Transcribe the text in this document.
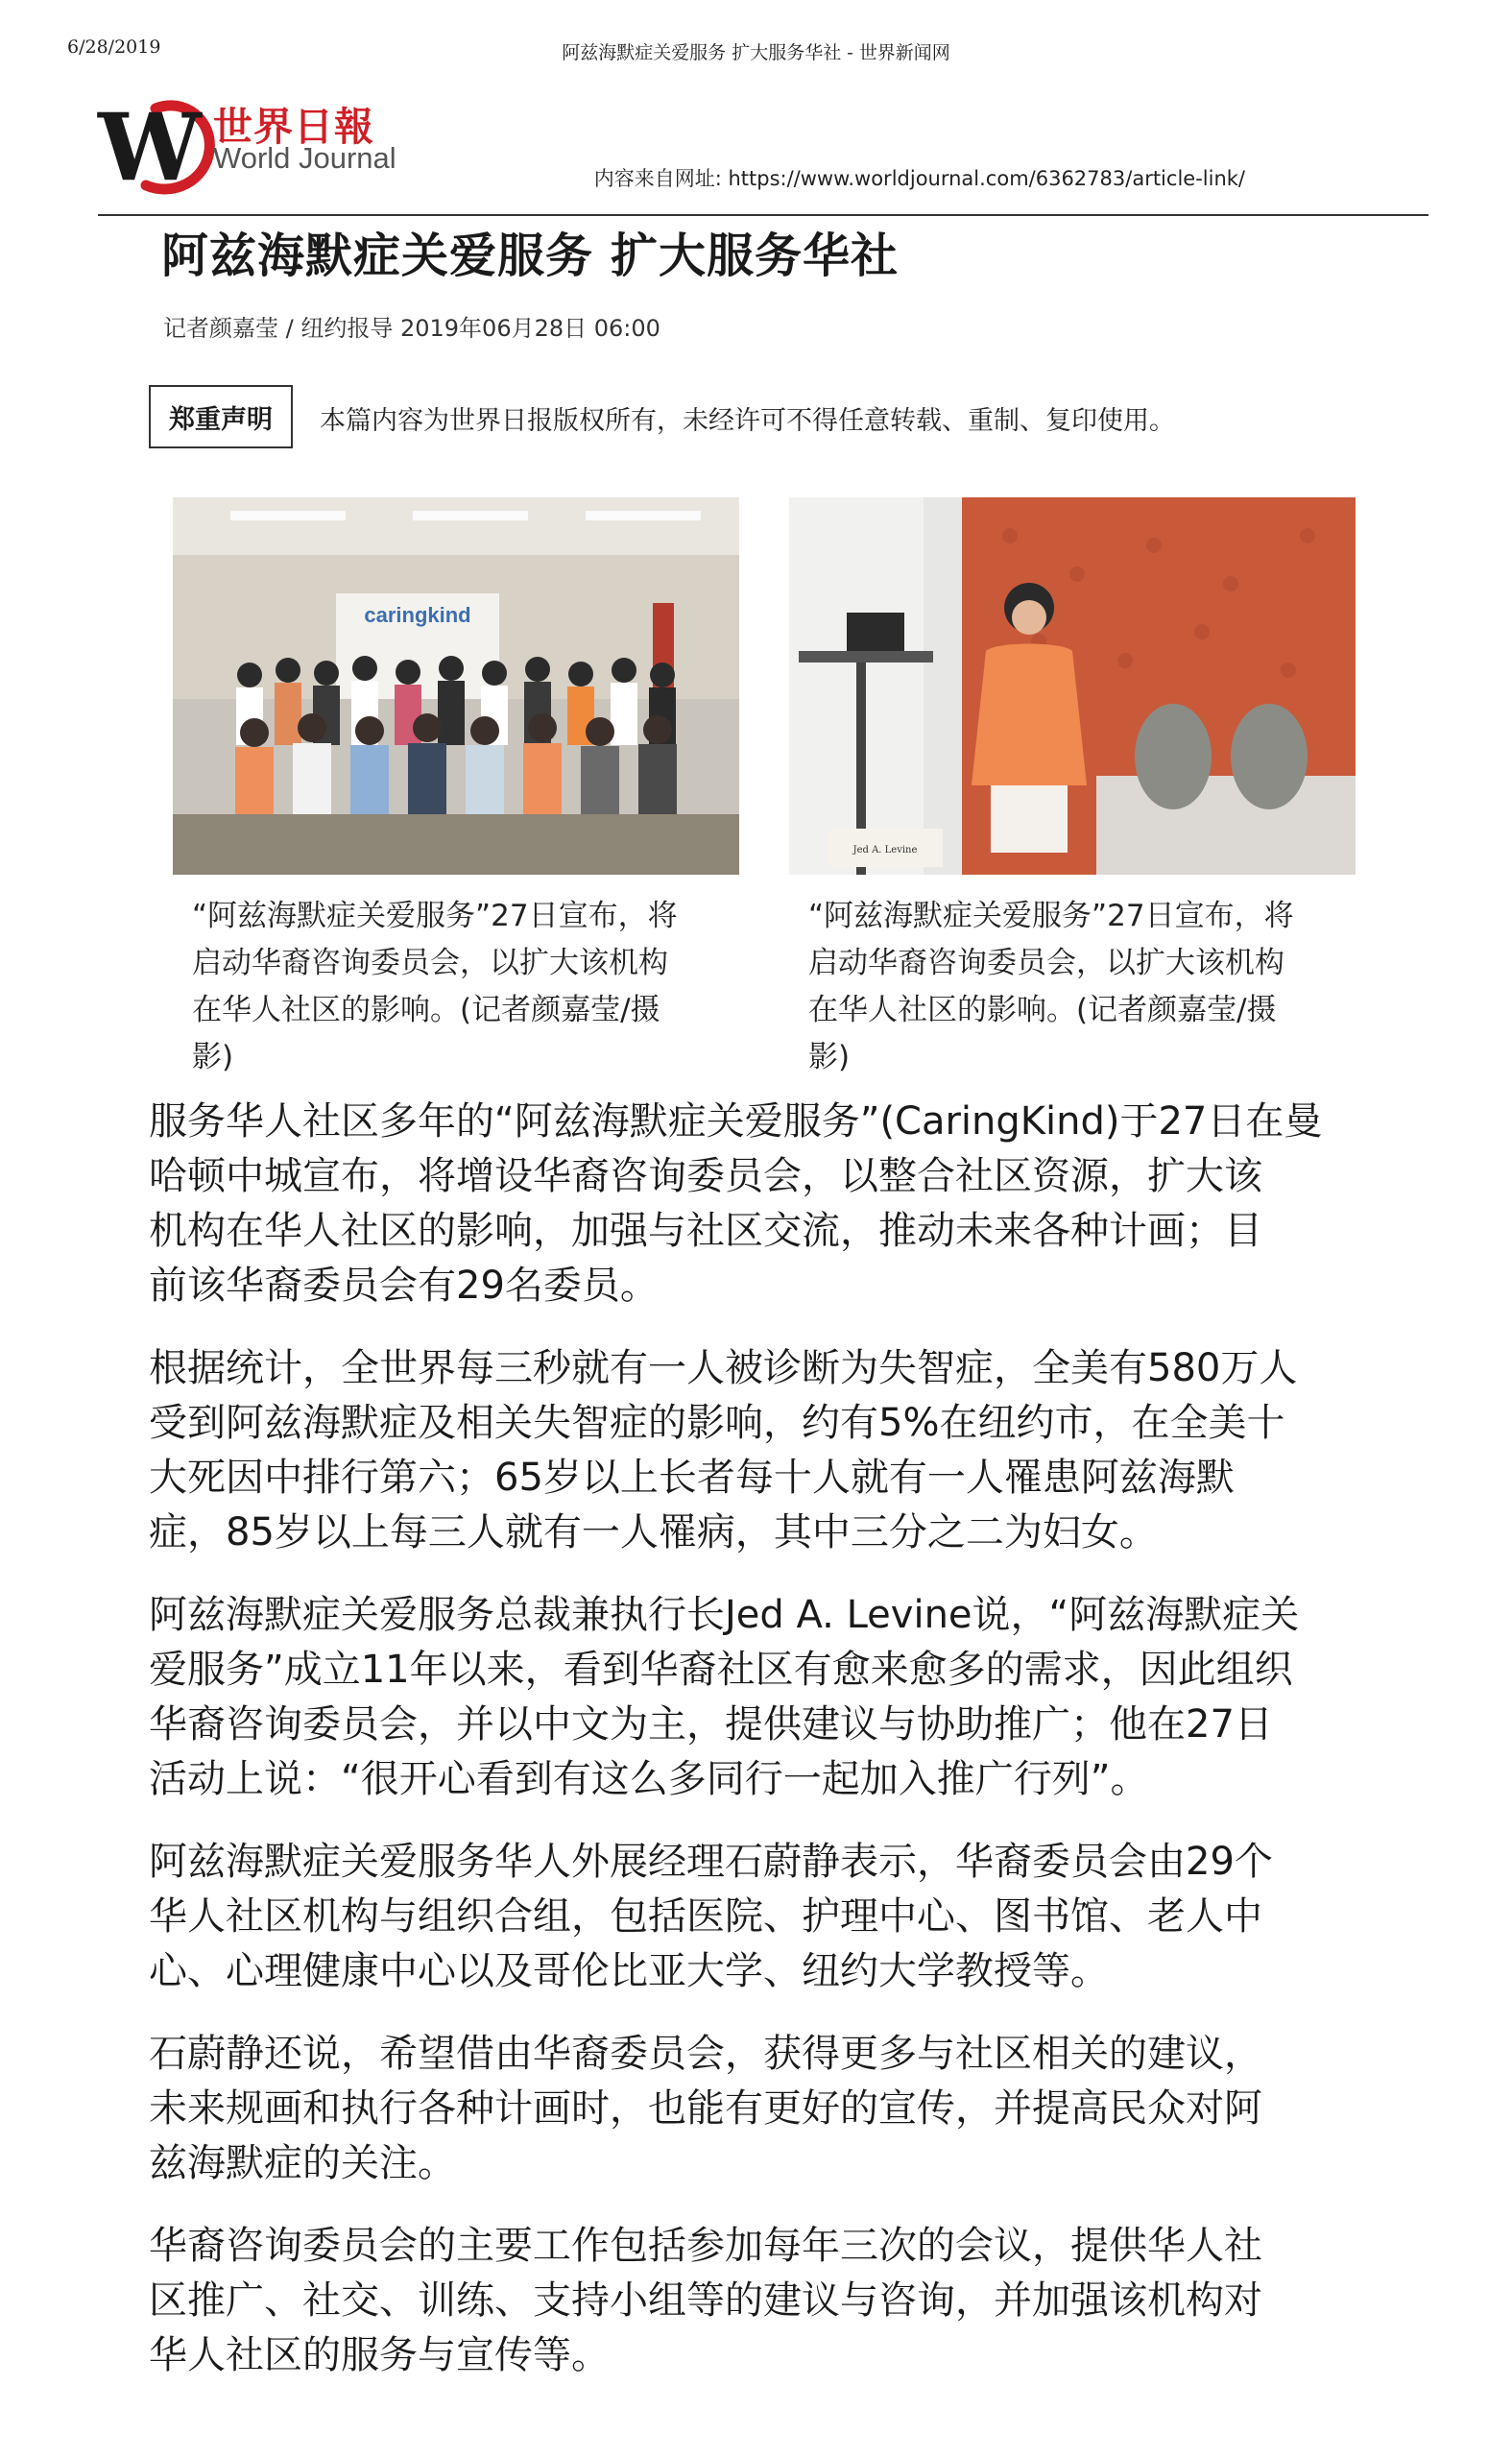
6/28/2019	阿兹海默症关爱服务 扩大服务华社 - 世界新闻网
W 世界日報
World Journal
内容来自网址: https://www.worldjournal.com/6362783/article-link/
阿兹海默症关爱服务 扩大服务华社
记者颜嘉莹 / 纽约报导 2019年06月28日 06:00
郑重声明	本篇内容为世界日报版权所有，未经许可不得任意转载、重制、复印使用。
caringkind
Jed A. Levine
“阿兹海默症关爱服务”27日宣布，将
启动华裔咨询委员会，以扩大该机构
在华人社区的影响。(记者颜嘉莹/摄
影)
“阿兹海默症关爱服务”27日宣布，将
启动华裔咨询委员会，以扩大该机构
在华人社区的影响。(记者颜嘉莹/摄
影)

服务华人社区多年的“阿兹海默症关爱服务”(CaringKind)于27日在曼
哈顿中城宣布，将增设华裔咨询委员会，以整合社区资源，扩大该
机构在华人社区的影响，加强与社区交流，推动未来各种计画；目
前该华裔委员会有29名委员。

根据统计，全世界每三秒就有一人被诊断为失智症，全美有580万人
受到阿兹海默症及相关失智症的影响，约有5%在纽约市，在全美十
大死因中排行第六；65岁以上长者每十人就有一人罹患阿兹海默
症，85岁以上每三人就有一人罹病，其中三分之二为妇女。

阿兹海默症关爱服务总裁兼执行长Jed A. Levine说，“阿兹海默症关
爱服务”成立11年以来，看到华裔社区有愈来愈多的需求，因此组织
华裔咨询委员会，并以中文为主，提供建议与协助推广；他在27日
活动上说：“很开心看到有这么多同行一起加入推广行列”。

阿兹海默症关爱服务华人外展经理石蔚静表示，华裔委员会由29个
华人社区机构与组织合组，包括医院、护理中心、图书馆、老人中
心、心理健康中心以及哥伦比亚大学、纽约大学教授等。

石蔚静还说，希望借由华裔委员会，获得更多与社区相关的建议，
未来规画和执行各种计画时，也能有更好的宣传，并提高民众对阿
兹海默症的关注。

华裔咨询委员会的主要工作包括参加每年三次的会议，提供华人社
区推广、社交、训练、支持小组等的建议与咨询，并加强该机构对
华人社区的服务与宣传等。
